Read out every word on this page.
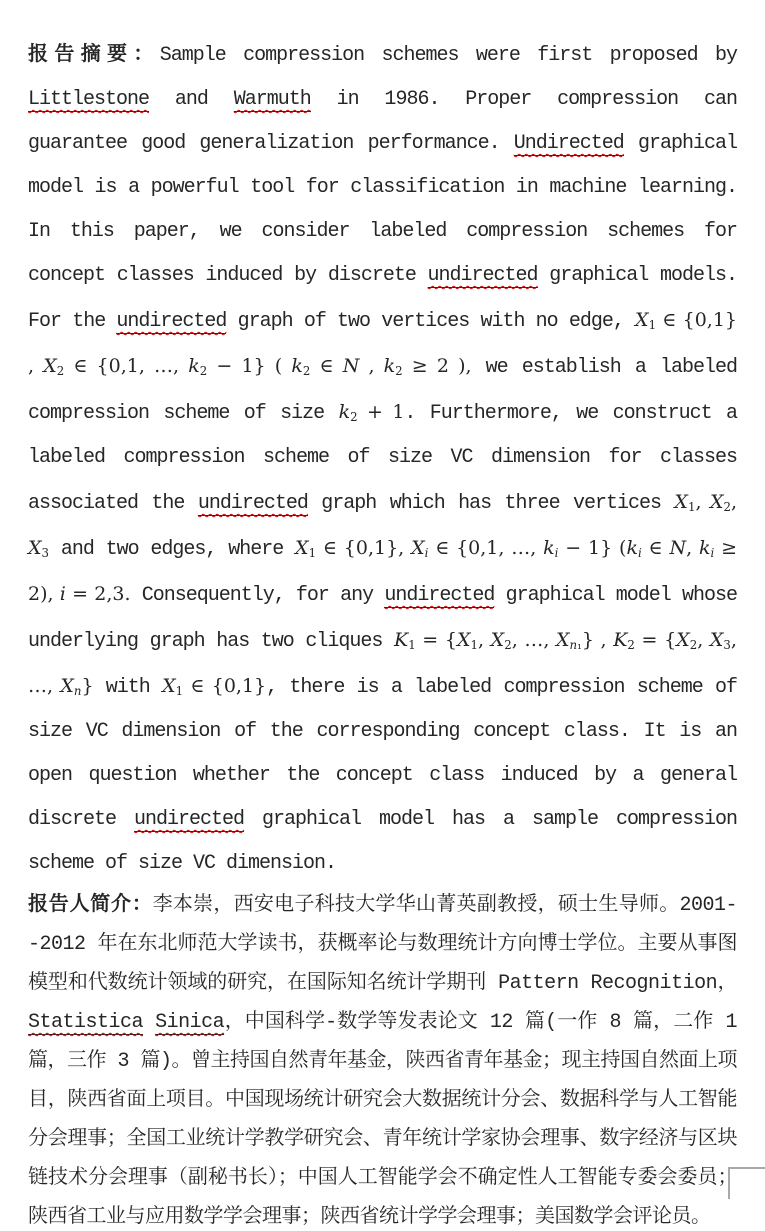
报告摘要：Sample compression schemes were first proposed by Littlestone and Warmuth in 1986. Proper compression can guarantee good generalization performance. Undirected graphical model is a powerful tool for classification in machine learning. In this paper, we consider labeled compression schemes for concept classes induced by discrete undirected graphical models. For the undirected graph of two vertices with no edge, $X_1$ ∈ {0,1} , $X_2$ ∈ {0,1, …, $k_2 - 1$} ( $k_2$ ∈ N , $k_2 \ge 2$ ), we establish a labeled compression scheme of size $k_2 + 1$. Furthermore, we construct a labeled compression scheme of size VC dimension for classes associated the undirected graph which has three vertices $X_1$, $X_2$, $X_3$ and two edges, where $X_1$ ∈ {0,1}, $X_i$ ∈ {0,1, …, $k_i - 1$} ($k_i$ ∈ N, $k_i \ge 2$), i = 2,3. Consequently, for any undirected graphical model whose underlying graph has two cliques $K_1 = \{X_1$, $X_2$, …, $X_{n_1}$} , $K_2 = \{X_2$, $X_3$, …, $X_n$} with $X_1$ ∈ {0,1}, there is a labeled compression scheme of size VC dimension of the corresponding concept class. It is an open question whether the concept class induced by a general discrete undirected graphical model has a sample compression scheme of size VC dimension.

报告人简介：李本崇，西安电子科技大学华山菁英副教授，硕士生导师。2001--2012 年在东北师范大学读书，获概率论与数理统计方向博士学位。主要从事图模型和代数统计领域的研究，在国际知名统计学期刊 Pattern Recognition，Statistica Sinica，中国科学-数学等发表论文 12 篇(一作 8 篇，二作 1 篇，三作 3 篇)。曾主持国自然青年基金，陕西省青年基金；现主持国自然面上项目，陕西省面上项目。中国现场统计研究会大数据统计分会、数据科学与人工智能分会理事；全国工业统计学教学研究会、青年统计学家协会理事、数字经济与区块链技术分会理事（副秘书长）；中国人工智能学会不确定性人工智能专委会委员；陕西省工业与应用数学学会理事；陕西省统计学学会理事；美国数学会评论员。
